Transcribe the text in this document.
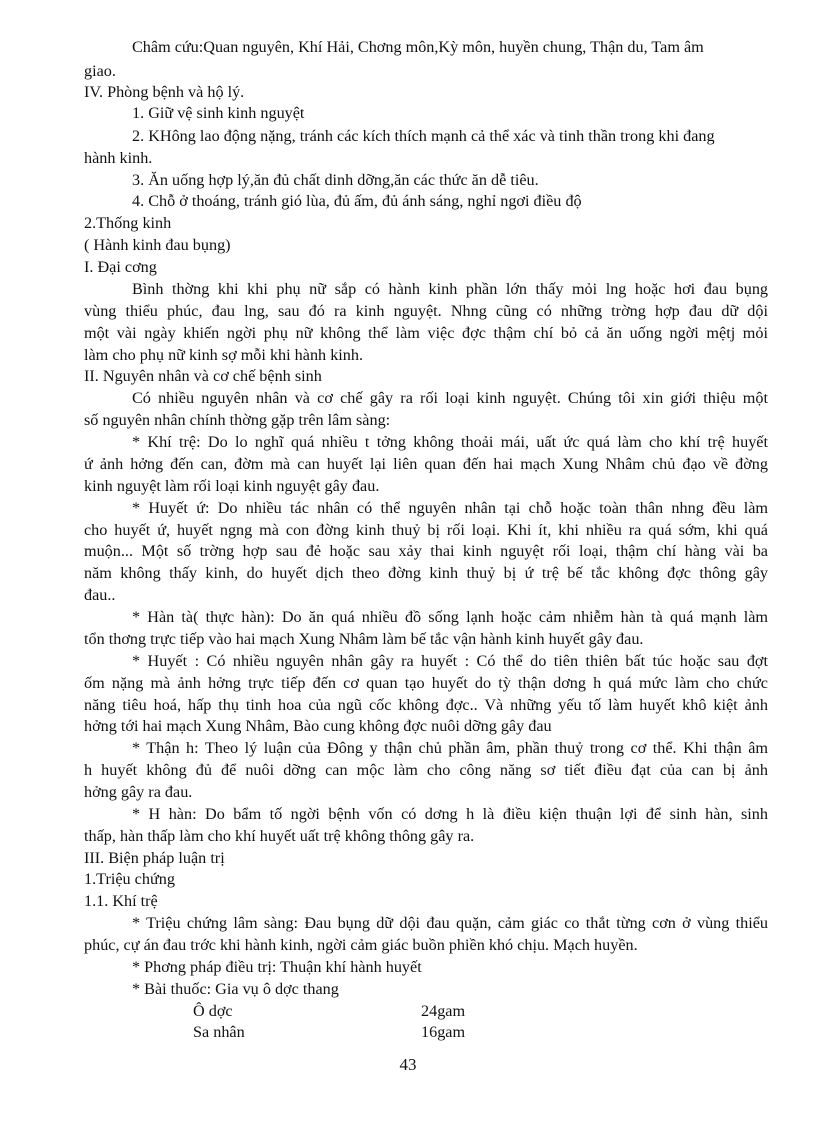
Châm cứu:Quan nguyên, Khí Hải, Chơng môn,Kỳ môn, huyền chung, Thận du, Tam âm

giao.

IV. Phòng bệnh và hộ lý.

1. Giữ vệ sinh kinh nguyệt

2. KHông lao động nặng, tránh các kích thích mạnh cả thể xác và tinh thần trong khi đang

hành kinh.

3. Ăn uống hợp lý,ăn đủ chất dinh dỡng,ăn các thức ăn dễ tiêu.

4. Chỗ ở thoáng, tránh gió lùa, đủ ấm, đủ ánh sáng, nghỉ ngơi điều độ

2.Thống kinh

( Hành kinh đau bụng)

I. Đại cơng

Bình thờng khi khi phụ nữ sắp có hành kinh phần lớn thấy mỏi lng hoặc hơi đau bụng

vùng thiểu phúc, đau lng, sau đó ra kinh nguyệt. Nhng cũng có những trờng hợp đau dữ dội

một vài ngày khiến ngời phụ nữ không thể làm việc đợc thậm chí bỏ cả ăn uống ngời mệtj mỏi

làm cho phụ nữ kinh sợ mỗi khi hành kinh.

II. Nguyên nhân và cơ chế bệnh sinh

Có nhiều nguyên nhân và cơ chế gây ra rối loại kinh nguyệt. Chúng tôi xin giới thiệu một

số nguyên nhân chính thờng gặp trên lâm sàng:

* Khí trệ: Do lo nghĩ quá nhiều t tởng không thoải mái, uất ức quá làm cho khí trệ huyết

ứ ảnh hởng đến can, đờm mà can huyết lại liên quan đến hai mạch Xung Nhâm chủ đạo về đờng

kinh nguyệt làm rối loại kinh nguyệt gây đau.

* Huyết ứ: Do nhiều tác nhân có thể nguyên nhân tại chỗ hoặc toàn thân nhng đều làm

cho huyết ứ, huyết ngng mà con đờng kinh thuỷ bị rối loại. Khi ít, khi nhiều ra quá sớm, khi quá

muộn... Một số trờng hợp sau đẻ hoặc sau xảy thai kinh nguyệt rối loại, thậm chí hàng vài ba

năm không thấy kinh, do huyết dịch theo đờng kinh thuỷ bị ứ trệ bế tắc không đợc thông gây

đau..

* Hàn tà( thực hàn): Do ăn quá nhiều đồ sống lạnh hoặc cảm nhiễm hàn tà quá mạnh làm

tổn thơng trực tiếp vào hai mạch Xung Nhâm làm bế tắc vận hành kinh huyết gây đau.

* Huyết : Có nhiều nguyên nhân gây ra huyết : Có thể do tiên thiên bất túc hoặc sau đợt

ốm nặng mà ảnh hởng trực tiếp đến cơ quan tạo huyết do tỳ thận dơng h quá mức làm cho chức

năng tiêu hoá, hấp thụ tinh hoa của ngũ cốc không đợc.. Và những yếu tố làm huyết khô kiệt ảnh

hởng tới hai mạch Xung Nhâm, Bào cung không đợc nuôi dỡng gây đau

* Thận h: Theo lý luận của Đông y thận chủ phần âm, phần thuỷ trong cơ thể. Khi thận âm

h huyết không đủ để nuôi dỡng can mộc làm cho công năng sơ tiết điều đạt của can bị ảnh

hởng gây ra đau.

* H hàn: Do bẩm tố ngời bệnh vốn có dơng h là điều kiện thuận lợi để sinh hàn, sinh

thấp, hàn thấp làm cho khí huyết uất trệ không thông gây ra.

III. Biện pháp luận trị

1.Triệu chứng

1.1. Khí trệ

* Triệu chứng lâm sàng: Đau bụng dữ dội đau quặn, cảm giác co thắt từng cơn ở vùng thiểu

phúc, cự án đau trớc khi hành kinh, ngời cảm giác buồn phiền khó chịu. Mạch huyền.

* Phơng pháp điều trị: Thuận khí hành huyết

* Bài thuốc: Gia vụ ô dợc thang

Ô dợc	24gam
Sa nhân	16gam
43
